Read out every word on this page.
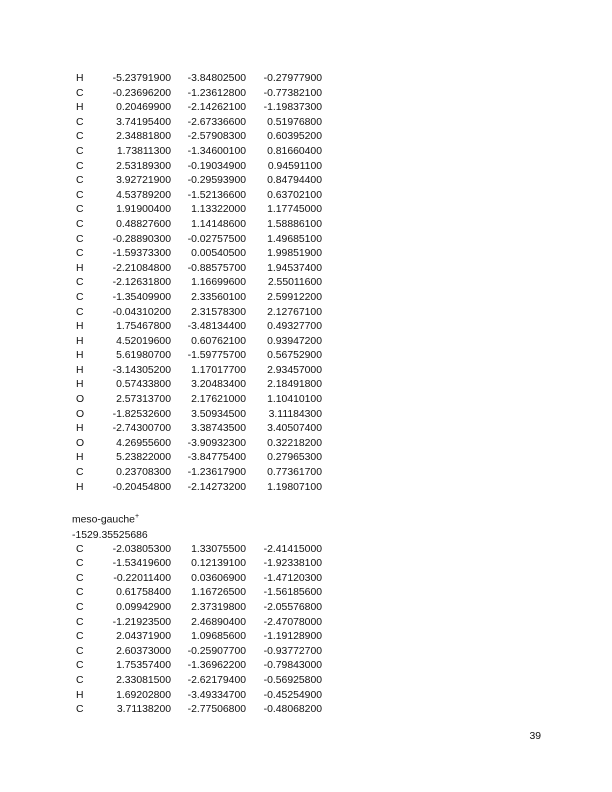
H	-5.23791900	-3.84802500	-0.27977900
C	-0.23696200	-1.23612800	-0.77382100
H	0.20469900	-2.14262100	-1.19837300
C	3.74195400	-2.67336600	0.51976800
C	2.34881800	-2.57908300	0.60395200
C	1.73811300	-1.34600100	0.81660400
C	2.53189300	-0.19034900	0.94591100
C	3.92721900	-0.29593900	0.84794400
C	4.53789200	-1.52136600	0.63702100
C	1.91900400	1.13322000	1.17745000
C	0.48827600	1.14148600	1.58886100
C	-0.28890300	-0.02757500	1.49685100
C	-1.59373300	0.00540500	1.99851900
H	-2.21084800	-0.88575700	1.94537400
C	-2.12631800	1.16699600	2.55011600
C	-1.35409900	2.33560100	2.59912200
C	-0.04310200	2.31578300	2.12767100
H	1.75467800	-3.48134400	0.49327700
H	4.52019600	0.60762100	0.93947200
H	5.61980700	-1.59775700	0.56752900
H	-3.14305200	1.17017700	2.93457000
H	0.57433800	3.20483400	2.18491800
O	2.57313700	2.17621000	1.10410100
O	-1.82532600	3.50934500	3.11184300
H	-2.74300700	3.38743500	3.40507400
O	4.26955600	-3.90932300	0.32218200
H	5.23822000	-3.84775400	0.27965300
C	0.23708300	-1.23617900	0.77361700
H	-0.20454800	-2.14273200	1.19807100
meso-gauche+
-1529.35525686
C	-2.03805300	1.33075500	-2.41415000
C	-1.53419600	0.12139100	-1.92338100
C	-0.22011400	0.03606900	-1.47120300
C	0.61758400	1.16726500	-1.56185600
C	0.09942900	2.37319800	-2.05576800
C	-1.21923500	2.46890400	-2.47078000
C	2.04371900	1.09685600	-1.19128900
C	2.60373000	-0.25907700	-0.93772700
C	1.75357400	-1.36962200	-0.79843000
C	2.33081500	-2.62179400	-0.56925800
H	1.69202800	-3.49334700	-0.45254900
C	3.71138200	-2.77506800	-0.48068200
39
